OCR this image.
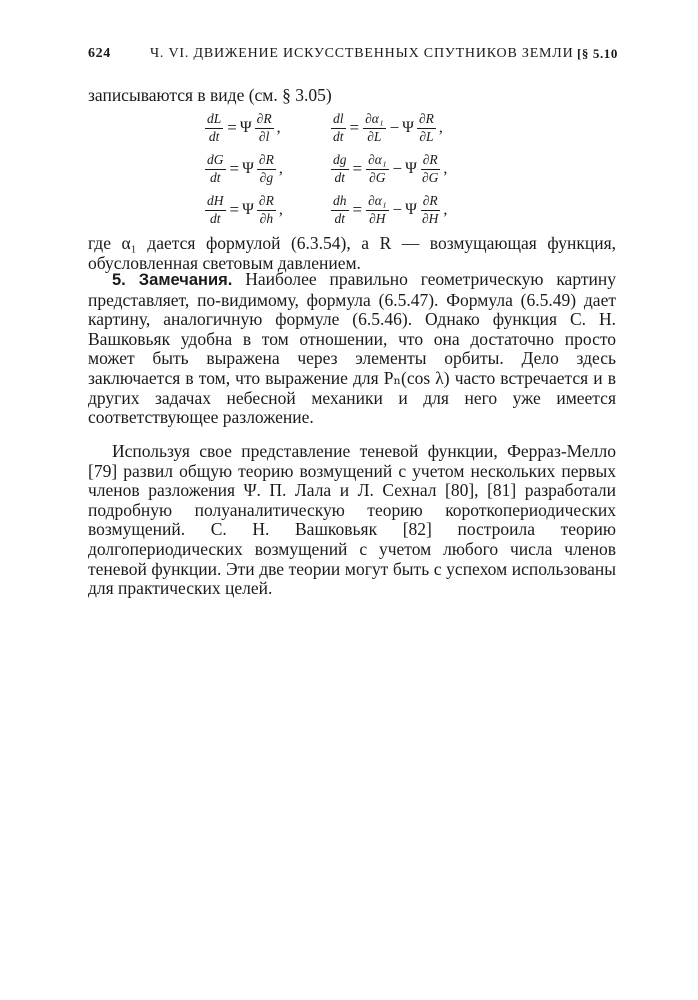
624	Ч. VI. ДВИЖЕНИЕ ИСКУССТВЕННЫХ СПУТНИКОВ ЗЕМЛИ [§ 5.10
записываются в виде (см. § 3.05)
$\frac{dL}{dt} = \Psi \frac{\partial R}{\partial l}$ ,	$\frac{dl}{dt} = \frac{\text{∂α₁}}{\partial L} - \Psi \frac{\partial R}{\partial L}$ ,
$\frac{dG}{dt} = \Psi \frac{\partial R}{\partial g}$ ,	$\frac{dg}{dt} = \frac{\text{∂α₁}}{\partial G} - \Psi \frac{\partial R}{\partial G}$ ,
$\frac{dH}{dt} = \Psi \frac{\partial R}{\partial h}$ ,	$\frac{dh}{dt} = \frac{\text{∂α₁}}{\partial H} - \Psi \frac{\partial R}{\partial H}$ ,
где α₁ дается формулой (6.3.54), а R — возмущающая функция, обусловленная световым давлением.
5. Замечания. Наиболее правильно геометрическую картину представляет, по-видимому, формула (6.5.47). Формула (6.5.49) дает картину, аналогичную формуле (6.5.46). Однако функция С. Н. Вашковьяк удобна в том отношении, что она достаточно просто может быть выражена через элементы орбиты. Дело здесь заключается в том, что выражение для Pₙ(cos λ) часто встречается и в других задачах небесной механики и для него уже имеется соответствующее разложение.
Используя свое представление теневой функции, Ферраз-Мелло [79] развил общую теорию возмущений с учетом нескольких первых членов разложения Ψ. П. Лала и Л. Сехнал [80], [81] разработали подробную полуаналитическую теорию короткопериодических возмущений. С. Н. Вашковьяк [82] построила теорию долгопериодических возмущений с учетом любого числа членов теневой функции. Эти две теории могут быть с успехом использованы для практических целей.
